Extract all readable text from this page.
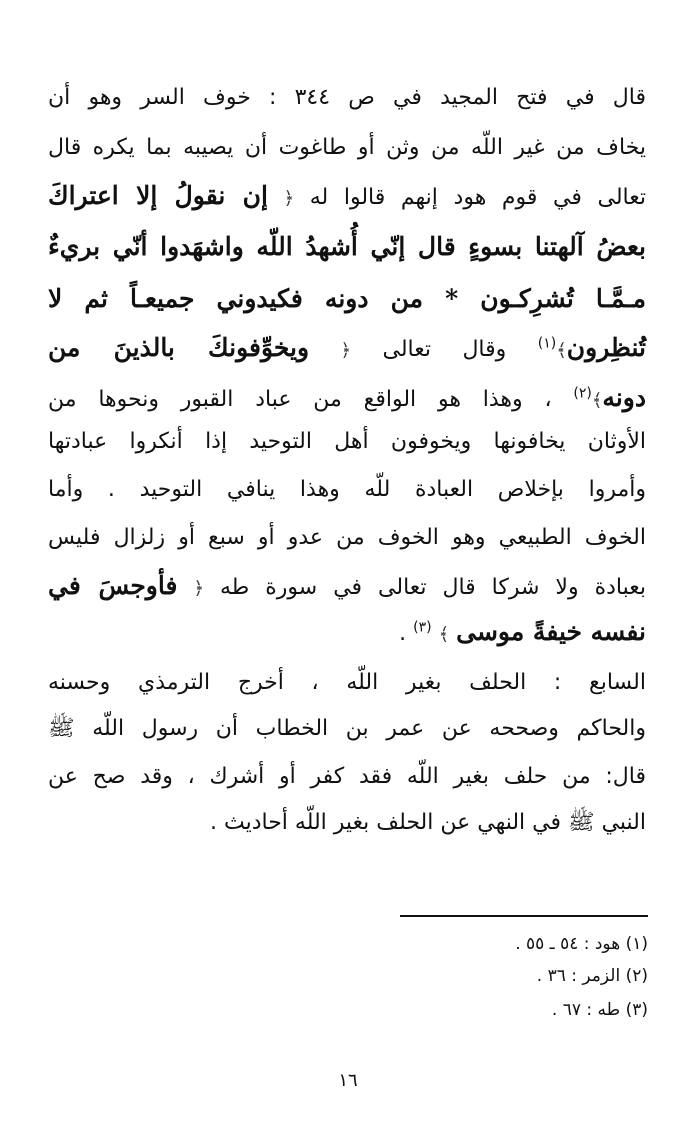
قال في فتح المجيد في ص ٣٤٤ : خوف السر وهو أن
يخاف من غير اللّه من وثن أو طاغوت أن يصيبه بما يكره قال
تعالى في قوم هود إنهم قالوا له ﴿ إن نقولُ إلا اعتراكَ
بعضُ آلهتنا بسوءٍ قال إنّي أُشهدُ اللّه واشهَدوا أنّي بريءٌ
مـمَّـا تُشرِكـون * من دونه فكيدوني جميعـاً ثم لا
تُنظِرون﴾$^{(١)}$ وقال تعالى ﴿ ويخوِّفونكَ بالذينَ من
دونه﴾$^{(٢)}$ ، وهذا هو الواقع من عباد القبور ونحوها من
الأوثان يخافونها ويخوفون أهل التوحيد إذا أنكروا عبادتها
وأمروا بإخلاص العبادة للّه وهذا ينافي التوحيد . وأما
الخوف الطبيعي وهو الخوف من عدو أو سبع أو زلزال فليس
بعبادة ولا شركا قال تعالى في سورة طه ﴿ فأوجسَ في
نفسه خيفةً موسى ﴾ $^{(٣)}$ .
السابع : الحلف بغير اللّه ، أخرج الترمذي وحسنه
والحاكم وصححه عن عمر بن الخطاب أن رسول اللّه ﷺ
قال: من حلف بغير اللّه فقد كفر أو أشرك ، وقد صح عن
النبي ﷺ في النهي عن الحلف بغير اللّه أحاديث .
(١) هود : ٥٤ ـ ٥٥ .
(٢) الزمر : ٣٦ .
(٣) طه : ٦٧ .
١٦
